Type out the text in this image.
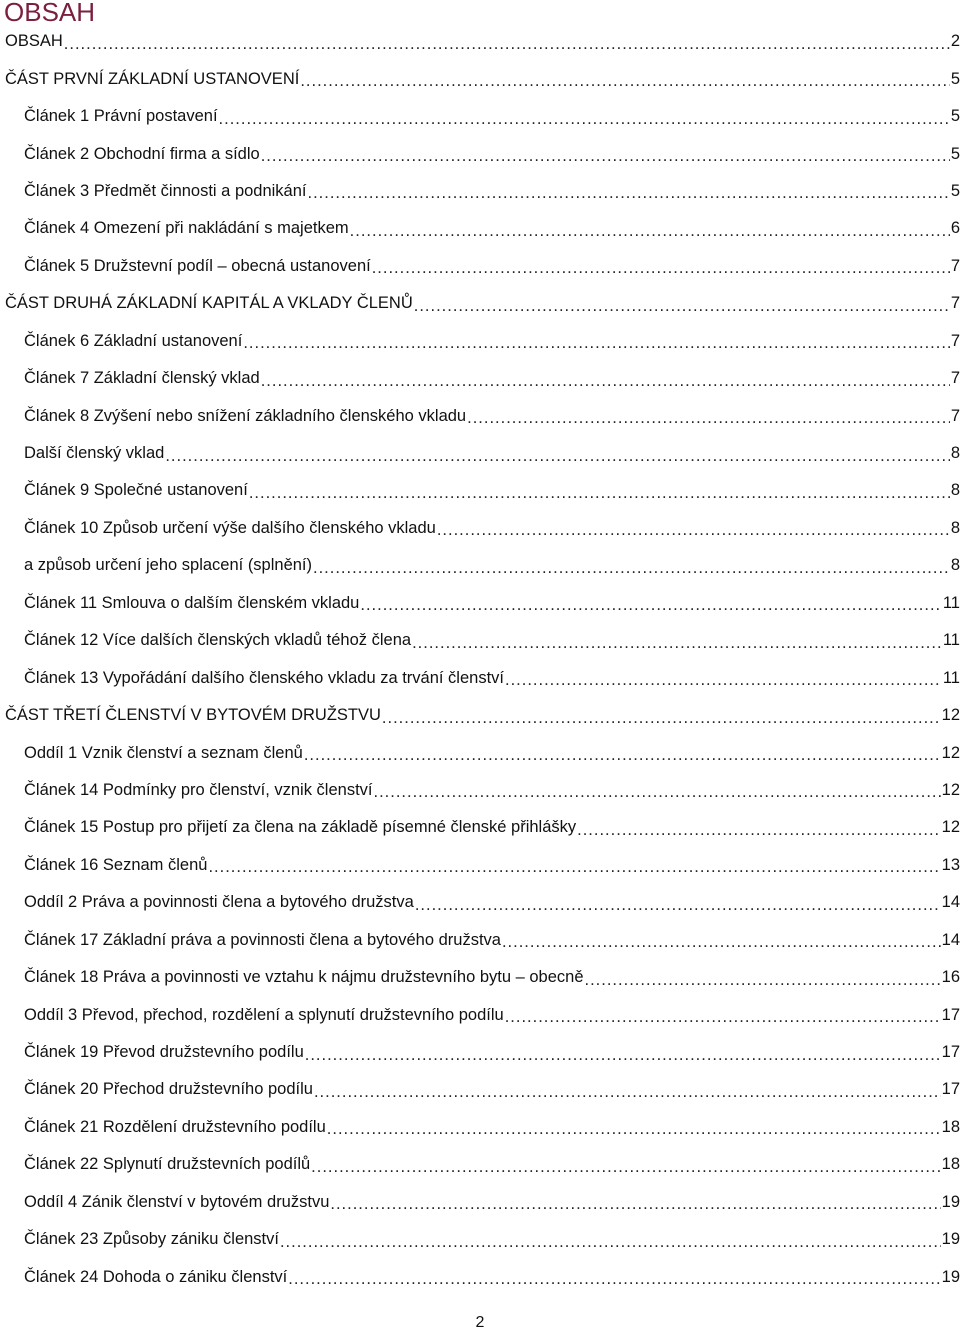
OBSAH
OBSAH .....	2
ČÁST PRVNÍ ZÁKLADNÍ USTANOVENÍ .....	5
Článek 1 Právní postavení .....	5
Článek 2 Obchodní firma a sídlo .....	5
Článek 3 Předmět činnosti a podnikání .....	5
Článek 4 Omezení při nakládání s majetkem .....	6
Článek 5 Družstevní podíl – obecná ustanovení .....	7
ČÁST DRUHÁ ZÁKLADNÍ KAPITÁL A VKLADY ČLENŮ .....	7
Článek 6 Základní ustanovení .....	7
Článek 7 Základní členský vklad .....	7
Článek 8 Zvýšení nebo snížení základního členského vkladu .....	7
Další členský vklad .....	8
Článek 9 Společné ustanovení .....	8
Článek 10 Způsob určení výše dalšího členského vkladu .....	8
a způsob určení jeho splacení (splnění) .....	8
Článek 11 Smlouva o dalším členském vkladu .....	11
Článek 12 Více dalších členských vkladů téhož člena .....	11
Článek 13 Vypořádání dalšího členského vkladu za trvání členství .....	11
ČÁST TŘETÍ ČLENSTVÍ V BYTOVÉM DRUŽSTVU .....	12
Oddíl 1 Vznik členství a seznam členů .....	12
Článek 14 Podmínky pro členství, vznik členství .....	12
Článek 15 Postup pro přijetí za člena na základě písemné členské přihlášky .....	12
Článek 16 Seznam členů .....	13
Oddíl 2 Práva a povinnosti člena a bytového družstva .....	14
Článek 17 Základní práva a povinnosti člena a bytového družstva .....	14
Článek 18 Práva a povinnosti ve vztahu k nájmu družstevního bytu – obecně .....	16
Oddíl 3 Převod, přechod, rozdělení a splynutí družstevního podílu .....	17
Článek 19 Převod družstevního podílu .....	17
Článek 20 Přechod družstevního podílu .....	17
Článek 21 Rozdělení družstevního podílu .....	18
Článek 22 Splynutí družstevních podílů .....	18
Oddíl 4 Zánik členství v bytovém družstvu .....	19
Článek 23 Způsoby zániku členství .....	19
Článek 24 Dohoda o zániku členství .....	19
2
